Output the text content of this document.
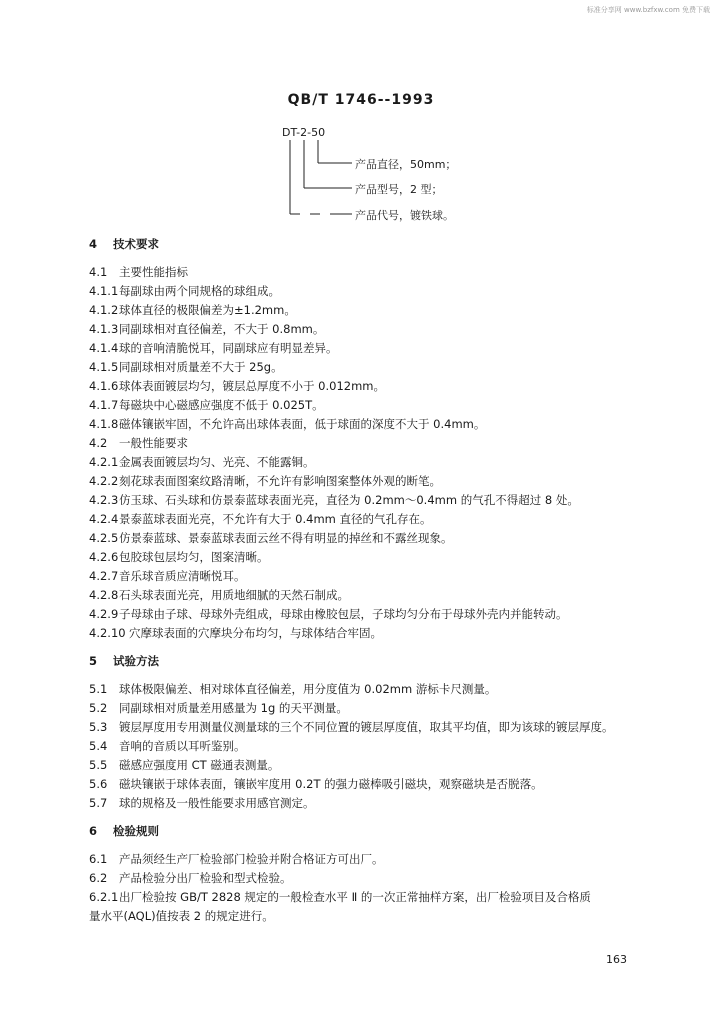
标准分享网 www.bzfxw.com 免费下载
QB/T 1746--1993
DT-2-50
产品直径，50mm；
产品型号，2 型；
产品代号，镀铁球。
4 技术要求
4.1 主要性能指标
4.1.1每副球由两个同规格的球组成。
4.1.2球体直径的极限偏差为±1.2mm。
4.1.3同副球相对直径偏差，不大于 0.8mm。
4.1.4球的音响清脆悦耳，同副球应有明显差异。
4.1.5同副球相对质量差不大于 25g。
4.1.6球体表面镀层均匀，镀层总厚度不小于 0.012mm。
4.1.7每磁块中心磁感应强度不低于 0.025T。
4.1.8磁体镶嵌牢固，不允许高出球体表面，低于球面的深度不大于 0.4mm。
4.2 一般性能要求
4.2.1金属表面镀层均匀、光亮、不能露铜。
4.2.2刻花球表面图案纹路清晰，不允许有影响图案整体外观的断笔。
4.2.3仿玉球、石头球和仿景泰蓝球表面光亮，直径为 0.2mm～0.4mm 的气孔不得超过 8 处。
4.2.4景泰蓝球表面光亮，不允许有大于 0.4mm 直径的气孔存在。
4.2.5仿景泰蓝球、景泰蓝球表面云丝不得有明显的掉丝和不露丝现象。
4.2.6包胶球包层均匀，图案清晰。
4.2.7音乐球音质应清晰悦耳。
4.2.8石头球表面光亮，用质地细腻的天然石制成。
4.2.9子母球由子球、母球外壳组成，母球由橡胶包层，子球均匀分布于母球外壳内并能转动。
4.2.10 穴摩球表面的穴摩块分布均匀，与球体结合牢固。
5 试验方法
5.1 球体极限偏差、相对球体直径偏差，用分度值为 0.02mm 游标卡尺测量。
5.2 同副球相对质量差用感量为 1g 的天平测量。
5.3 镀层厚度用专用测量仪测量球的三个不同位置的镀层厚度值，取其平均值，即为该球的镀层厚度。
5.4 音响的音质以耳听鉴别。
5.5 磁感应强度用 CT 磁通表测量。
5.6 磁块镶嵌于球体表面，镶嵌牢度用 0.2T 的强力磁棒吸引磁块，观察磁块是否脱落。
5.7 球的规格及一般性能要求用感官测定。
6 检验规则
6.1 产品须经生产厂检验部门检验并附合格证方可出厂。
6.2 产品检验分出厂检验和型式检验。
6.2.1出厂检验按 GB/T 2828 规定的一般检查水平 Ⅱ 的一次正常抽样方案，出厂检验项目及合格质
量水平(AQL)值按表 2 的规定进行。
163
